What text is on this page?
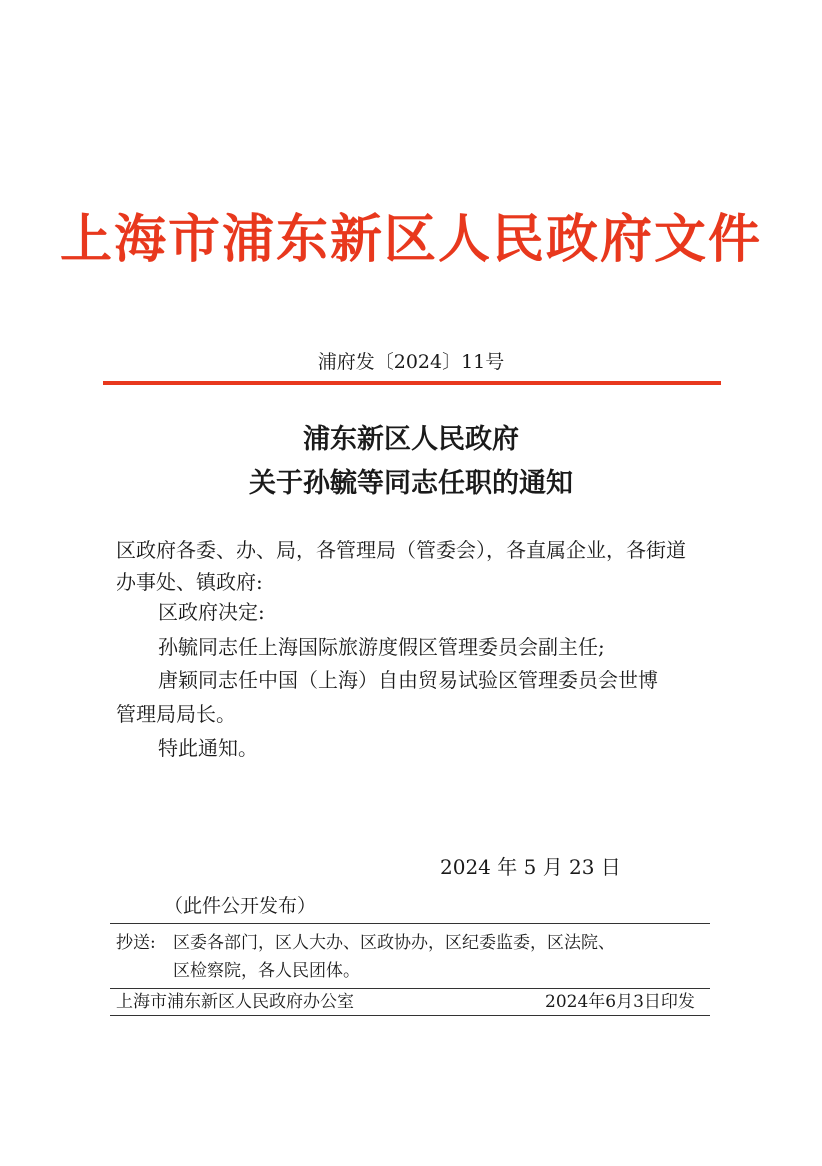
上海市浦东新区人民政府文件
浦府发〔2024〕11号
浦东新区人民政府
关于孙毓等同志任职的通知
区政府各委、办、局，各管理局（管委会），各直属企业，各街道
办事处、镇政府:
区政府决定:
孙毓同志任上海国际旅游度假区管理委员会副主任;
唐颖同志任中国（上海）自由贸易试验区管理委员会世博
管理局局长。
特此通知。
2024 年 5 月 23 日
（此件公开发布）
抄送: 区委各部门，区人大办、区政协办，区纪委监委，区法院、
区检察院，各人民团体。
上海市浦东新区人民政府办公室	2024年6月3日印发
